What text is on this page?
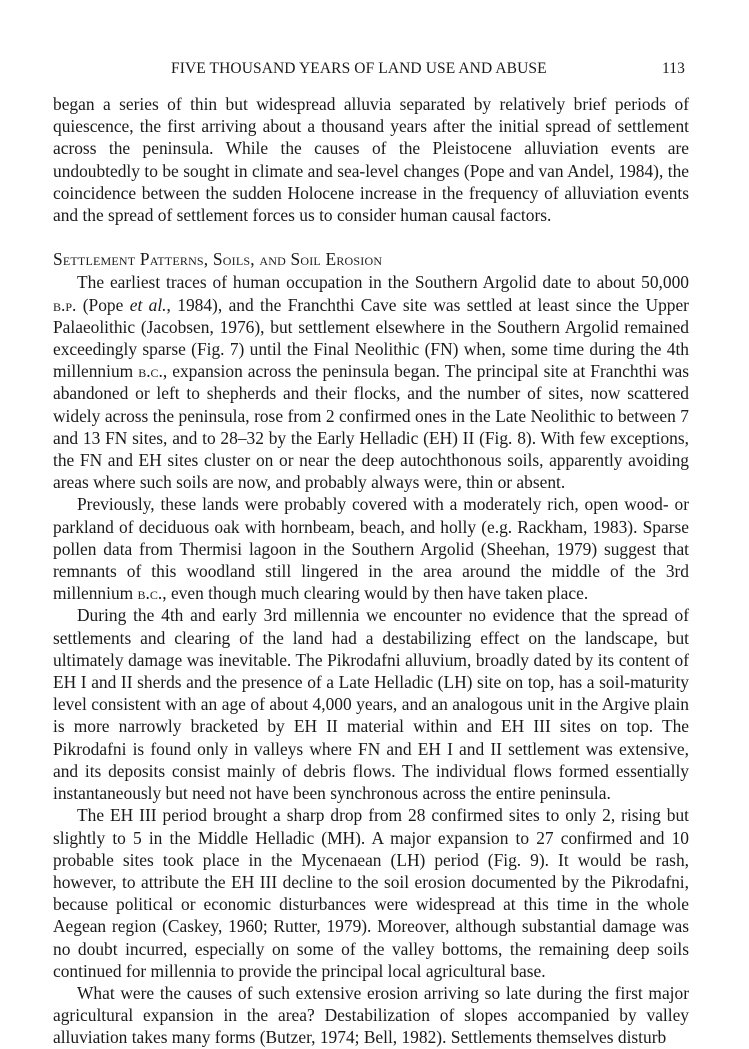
FIVE THOUSAND YEARS OF LAND USE AND ABUSE	113

began a series of thin but widespread alluvia separated by relatively brief periods of quiescence, the first arriving about a thousand years after the initial spread of settlement across the peninsula. While the causes of the Pleistocene alluviation events are undoubtedly to be sought in climate and sea-level changes (Pope and van Andel, 1984), the coincidence between the sudden Holocene increase in the frequency of alluviation events and the spread of settlement forces us to consider human causal factors.

Settlement Patterns, Soils, and Soil Erosion

The earliest traces of human occupation in the Southern Argolid date to about 50,000 b.p. (Pope et al., 1984), and the Franchthi Cave site was settled at least since the Upper Palaeolithic (Jacobsen, 1976), but settlement elsewhere in the Southern Argolid remained exceedingly sparse (Fig. 7) until the Final Neolithic (FN) when, some time during the 4th millennium b.c., expansion across the peninsula began. The principal site at Franchthi was abandoned or left to shepherds and their flocks, and the number of sites, now scattered widely across the peninsula, rose from 2 confirmed ones in the Late Neolithic to between 7 and 13 FN sites, and to 28–32 by the Early Helladic (EH) II (Fig. 8). With few exceptions, the FN and EH sites cluster on or near the deep autochthonous soils, apparently avoiding areas where such soils are now, and probably always were, thin or absent.

Previously, these lands were probably covered with a moderately rich, open wood- or parkland of deciduous oak with hornbeam, beach, and holly (e.g. Rackham, 1983). Sparse pollen data from Thermisi lagoon in the Southern Argolid (Sheehan, 1979) suggest that remnants of this woodland still lingered in the area around the middle of the 3rd millennium b.c., even though much clearing would by then have taken place.

During the 4th and early 3rd millennia we encounter no evidence that the spread of settlements and clearing of the land had a destabilizing effect on the landscape, but ultimately damage was inevitable. The Pikrodafni alluvium, broadly dated by its content of EH I and II sherds and the presence of a Late Helladic (LH) site on top, has a soil-maturity level consistent with an age of about 4,000 years, and an analogous unit in the Argive plain is more narrowly bracketed by EH II material within and EH III sites on top. The Pikrodafni is found only in valleys where FN and EH I and II settlement was extensive, and its deposits consist mainly of debris flows. The individual flows formed essentially instantaneously but need not have been synchronous across the entire peninsula.

The EH III period brought a sharp drop from 28 confirmed sites to only 2, rising but slightly to 5 in the Middle Helladic (MH). A major expansion to 27 confirmed and 10 probable sites took place in the Mycenaean (LH) period (Fig. 9). It would be rash, however, to attribute the EH III decline to the soil erosion documented by the Pikrodafni, because political or economic disturbances were widespread at this time in the whole Aegean region (Caskey, 1960; Rutter, 1979). Moreover, although substantial damage was no doubt incurred, especially on some of the valley bottoms, the remaining deep soils continued for millennia to provide the principal local agricultural base.

What were the causes of such extensive erosion arriving so late during the first major agricultural expansion in the area? Destabilization of slopes accompanied by valley alluviation takes many forms (Butzer, 1974; Bell, 1982). Settlements themselves disturb
